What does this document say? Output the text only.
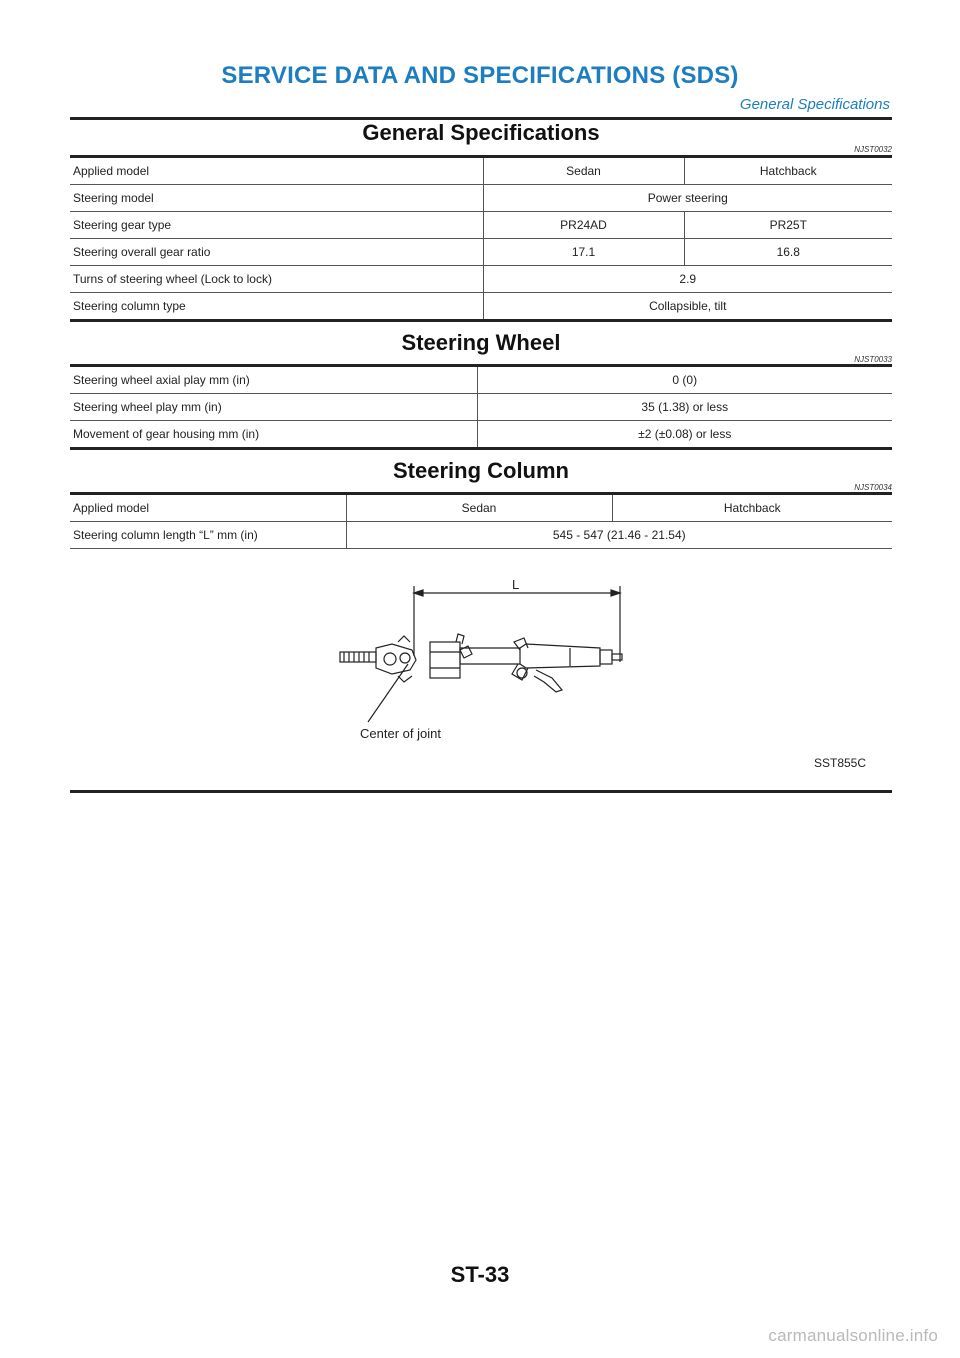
SERVICE DATA AND SPECIFICATIONS (SDS)
General Specifications
General Specifications
NJST0032
Applied model	Sedan	Hatchback
Steering model	Power steering	
Steering gear type	PR24AD	PR25T
Steering overall gear ratio	17.1	16.8
Turns of steering wheel (Lock to lock)	2.9	
Steering column type	Collapsible, tilt	
Steering Wheel
NJST0033
Steering wheel axial play mm (in)	0 (0)
Steering wheel play mm (in)	35 (1.38) or less
Movement of gear housing mm (in)	±2 (±0.08) or less
Steering Column
NJST0034
Applied model	Sedan	Hatchback
Steering column length “L” mm (in)	545 - 547 (21.46 - 21.54)	
L
Center of joint
SST855C
ST-33
carmanualsonline.info
